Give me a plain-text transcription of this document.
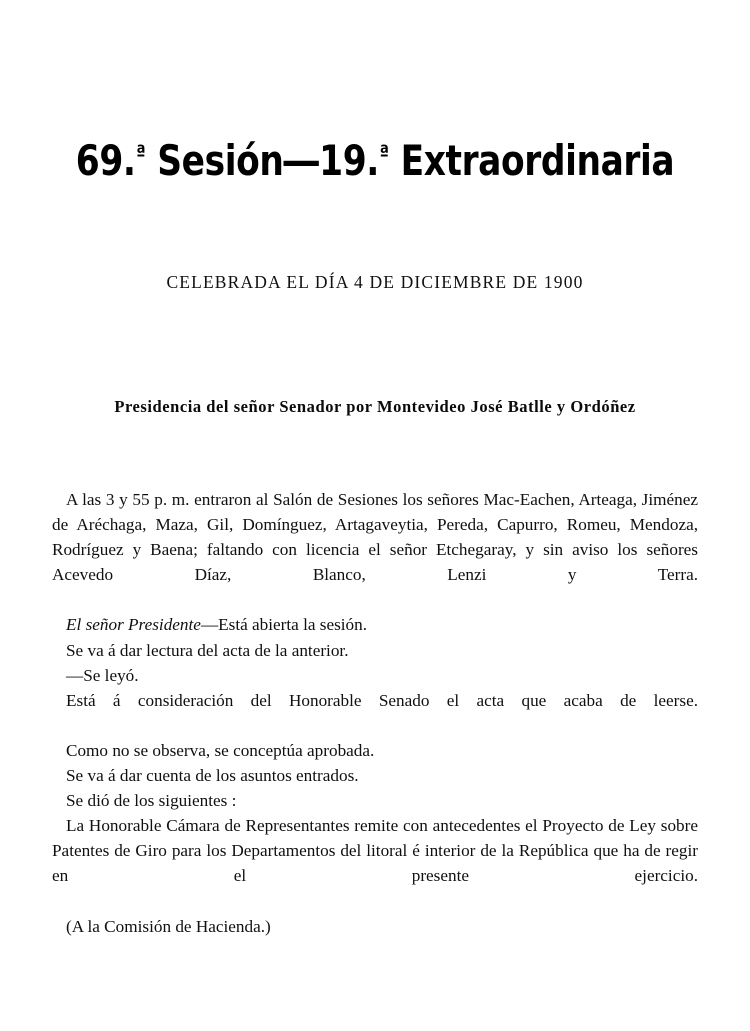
69.$^ª$ Sesión—19.$^ª$ Extraordinaria
CELEBRADA EL DÍA 4 DE DICIEMBRE DE 1900
Presidencia del señor Senador por Montevideo José Batlle y Ordóñez

A las 3 y 55 p. m. entraron al Salón de Sesiones los señores Mac-Eachen, Arteaga, Jiménez de Aréchaga, Maza, Gil, Domínguez, Artagaveytia, Pereda, Capurro, Romeu, Mendoza, Rodríguez y Baena; faltando con licencia el señor Etchegaray, y sin aviso los señores Acevedo Díaz, Blanco, Lenzi y Terra.

El señor Presidente—Está abierta la sesión.

Se va á dar lectura del acta de la anterior.

—Se leyó.

Está á consideración del Honorable Senado el acta que acaba de leerse.

Como no se observa, se conceptúa aprobada.

Se va á dar cuenta de los asuntos entrados.

Se dió de los siguientes :

La Honorable Cámara de Representantes remite con antecedentes el Proyecto de Ley sobre Patentes de Giro para los Departamentos del litoral é interior de la República que ha de regir en el presente ejercicio.

(A la Comisión de Hacienda.)
